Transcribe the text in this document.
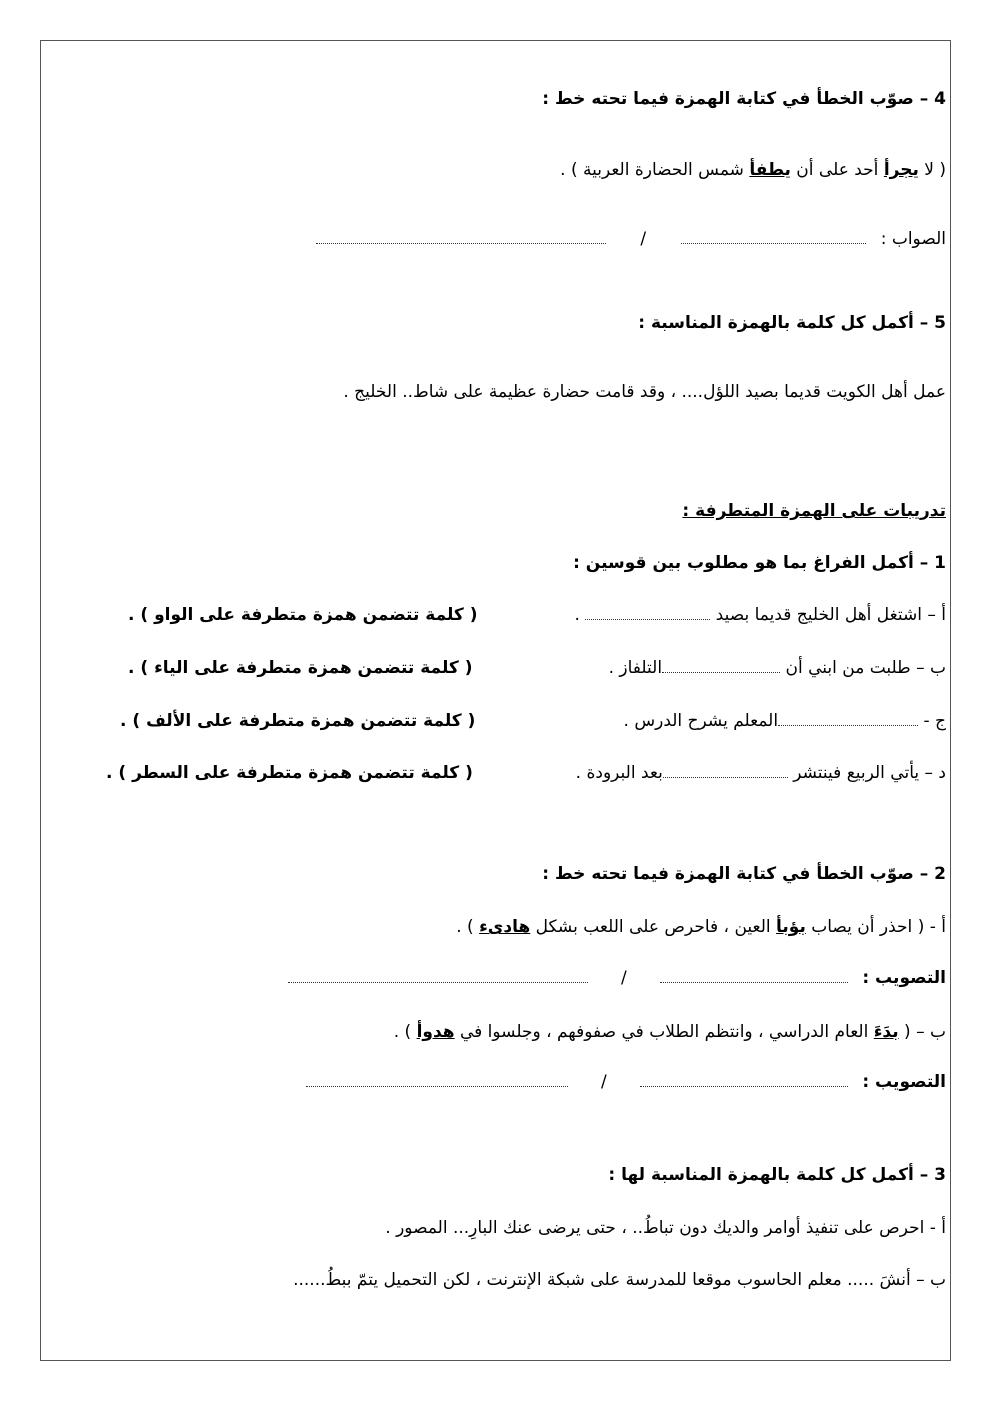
4 – صوّب الخطأ في كتابة الهمزة فيما تحته خط :
( لا يجرأ أحد على أن يطفأ شمس الحضارة العربية ) .
الصواب :    /
5 – أكمل كل كلمة بالهمزة المناسبة :
عمل أهل الكويت قديما بصيد اللؤل.... ، وقد قامت حضارة عظيمة على شاط.. الخليج .
تدريبات على الهمزة المتطرفة :
1 – أكمل الفراغ بما هو مطلوب بين قوسين :
أ – اشتغل أهل الخليج قديما بصيد  .
( كلمة تتضمن همزة متطرفة على الواو ) .
ب – طلبت من ابني أن التلفاز .
( كلمة تتضمن همزة متطرفة على الياء ) .
ج - المعلم يشرح الدرس .
( كلمة تتضمن همزة متطرفة على الألف ) .
د – يأتي الربيع فينتشر بعد البرودة .
( كلمة تتضمن همزة متطرفة على السطر ) .
2 – صوّب الخطأ في كتابة الهمزة فيما تحته خط :
أ - ( احذر أن يصاب بؤبأ العين ، فاحرص على اللعب بشكل هادىء ) .
التصويب :    /
ب – ( بدَءَ العام الدراسي ، وانتظم الطلاب في صفوفهم ، وجلسوا في هدوأ ) .
التصويب :    /
3 – أكمل كل كلمة بالهمزة المناسبة لها :
أ - احرص على تنفيذ أوامر والديك دون تباطُ.. ، حتى يرضى عنك البارِ... المصور .
ب – أنشَ ..... معلم الحاسوب موقعا للمدرسة على شبكة الإنترنت ، لكن التحميل يتمّ ببطُ......
